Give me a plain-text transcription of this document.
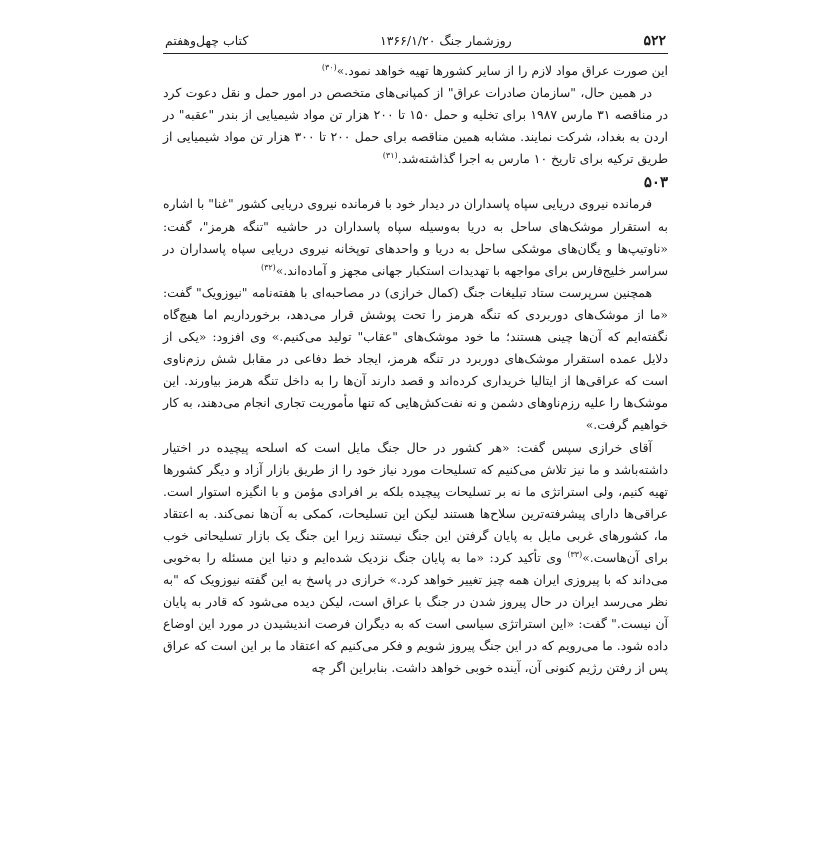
۵۲۲
روزشمار جنگ ۱۳۶۶/۱/۲۰
کتاب چهل‌وهفتم

این صورت عراق مواد لازم را از سایر کشورها تهیه خواهد نمود.»$^{(۳۰)}$

در همین حال، "سازمان صادرات عراق" از کمپانی‌های متخصص در امور حمل و نقل دعوت کرد در مناقصه ۳۱ مارس ۱۹۸۷ برای تخلیه و حمل ۱۵۰ تا ۲۰۰ هزار تن مواد شیمیایی از بندر "عقبه" در اردن به بغداد، شرکت نمایند. مشابه همین مناقصه برای حمل ۲۰۰ تا ۳۰۰ هزار تن مواد شیمیایی از طریق ترکیه برای تاریخ ۱۰ مارس به اجرا گذاشته‌شد.$^{(۳۱)}$

۵۰۳

فرمانده نیروی دریایی سپاه پاسداران در دیدار خود با فرمانده نیروی دریایی کشور "غنا" با اشاره به استقرار موشک‌های ساحل به دریا به‌وسیله سپاه پاسداران در حاشیه "تنگه هرمز"، گفت: «ناوتیپ‌ها و یگان‌های موشکی ساحل به دریا و واحدهای توپخانه نیروی دریایی سپاه پاسداران در سراسر خلیج‌فارس برای مواجهه با تهدیدات استکبار جهانی مجهز و آماده‌اند.»$^{(۳۲)}$

همچنین سرپرست ستاد تبلیغات جنگ (کمال خرازی) در مصاحبه‌ای با هفته‌نامه "نیوزویک" گفت: «ما از موشک‌های دوربردی که تنگه هرمز را تحت پوشش قرار می‌دهد، برخورداریم اما هیچ‌گاه نگفته‌ایم که آن‌ها چینی هستند؛ ما خود موشک‌های "عقاب" تولید می‌کنیم.» وی افزود: «یکی از دلایل عمده استقرار موشک‌های دوربرد در تنگه هرمز، ایجاد خط دفاعی در مقابل شش رزم‌ناوی است که عراقی‌ها از ایتالیا خریداری کرده‌اند و قصد دارند آن‌ها را به داخل تنگه هرمز بیاورند. این موشک‌ها را علیه رزم‌ناوهای دشمن و نه نفت‌کش‌هایی که تنها مأموریت تجاری انجام می‌دهند، به کار خواهیم گرفت.»

آقای خرازی سپس گفت: «هر کشور در حال جنگ مایل است که اسلحه پیچیده در اختیار داشته‌باشد و ما نیز تلاش می‌کنیم که تسلیحات مورد نیاز خود را از طریق بازار آزاد و دیگر کشورها تهیه کنیم، ولی استراتژی ما نه بر تسلیحات پیچیده بلکه بر افرادی مؤمن و با انگیزه استوار است. عراقی‌ها دارای پیشرفته‌ترین سلاح‌ها هستند لیکن این تسلیحات، کمکی به آن‌ها نمی‌کند. به اعتقاد ما، کشورهای غربی مایل به پایان گرفتن این جنگ نیستند زیرا این جنگ یک بازار تسلیحاتی خوب برای آن‌هاست.»$^{(۳۳)}$ وی تأکید کرد: «ما به پایان جنگ نزدیک شده‌ایم و دنیا این مسئله را به‌خوبی می‌داند که با پیروزی ایران همه چیز تغییر خواهد کرد.» خرازی در پاسخ به این گفته نیوزویک که "به نظر می‌رسد ایران در حال پیروز شدن در جنگ با عراق است، لیکن دیده می‌شود که قادر به پایان آن نیست." گفت: «این استراتژی سیاسی است که به دیگران فرصت اندیشیدن در مورد این اوضاع داده شود. ما می‌رویم که در این جنگ پیروز شویم و فکر می‌کنیم که اعتقاد ما بر این است که عراق پس از رفتن رژیم کنونی آن، آینده خوبی خواهد داشت. بنابراین اگر چه
